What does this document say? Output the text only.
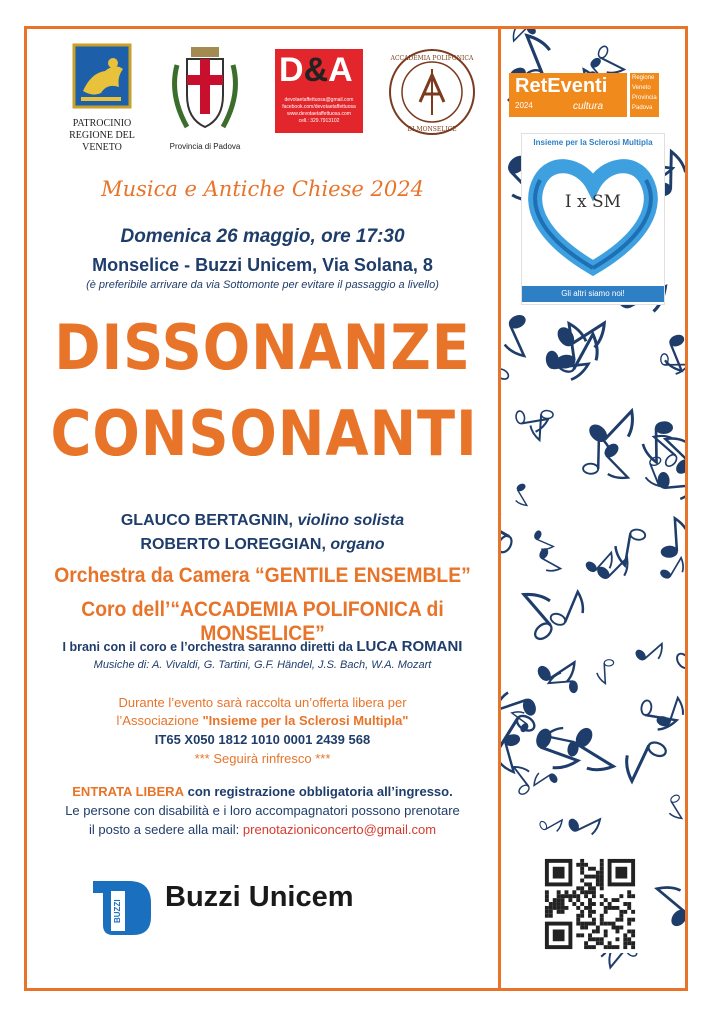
PATROCINIO
REGIONE DEL VENETO	Provincia di Padova
D&A
devotaetaffettuosa@gmail.com
facebook.com/devotaetaffettuosa
www.devotaetaffettuosa.com
cell.: 329.7913102
ACCADEMIA POLIFONICA
DI MONSELICE
Musica e Antiche Chiese 2024
Domenica 26 maggio, ore 17:30
Monselice - Buzzi Unicem, Via Solana, 8
(è preferibile arrivare da via Sottomonte per evitare il passaggio a livello)
DISSONANZE
CONSONANTI
GLAUCO BERTAGNIN, violino solista
ROBERTO LOREGGIAN, organo
Orchestra da Camera “GENTILE ENSEMBLE”
Coro dell’“ACCADEMIA POLIFONICA di MONSELICE”
I brani con il coro e l’orchestra saranno diretti da LUCA ROMANI
Musiche di: A. Vivaldi, G. Tartini, G.F. Händel, J.S. Bach, W.A. Mozart
Durante l’evento sarà raccolta un’offerta libera per
l’Associazione "Insieme per la Sclerosi Multipla"
IT65 X050 1812 1010 0001 2439 568
*** Seguirà rinfresco ***
ENTRATA LIBERA con registrazione obbligatoria all’ingresso.
Le persone con disabilità e i loro accompagnatori possono prenotare
il posto a sedere alla mail: prenotazioniconcerto@gmail.com
BUZZI Buzzi Unicem
RetEventi
2024	cultura
Regione
Veneto
Provincia
Padova
Insieme per la Sclerosi Multipla
I x SM
Gli altri siamo noi!
